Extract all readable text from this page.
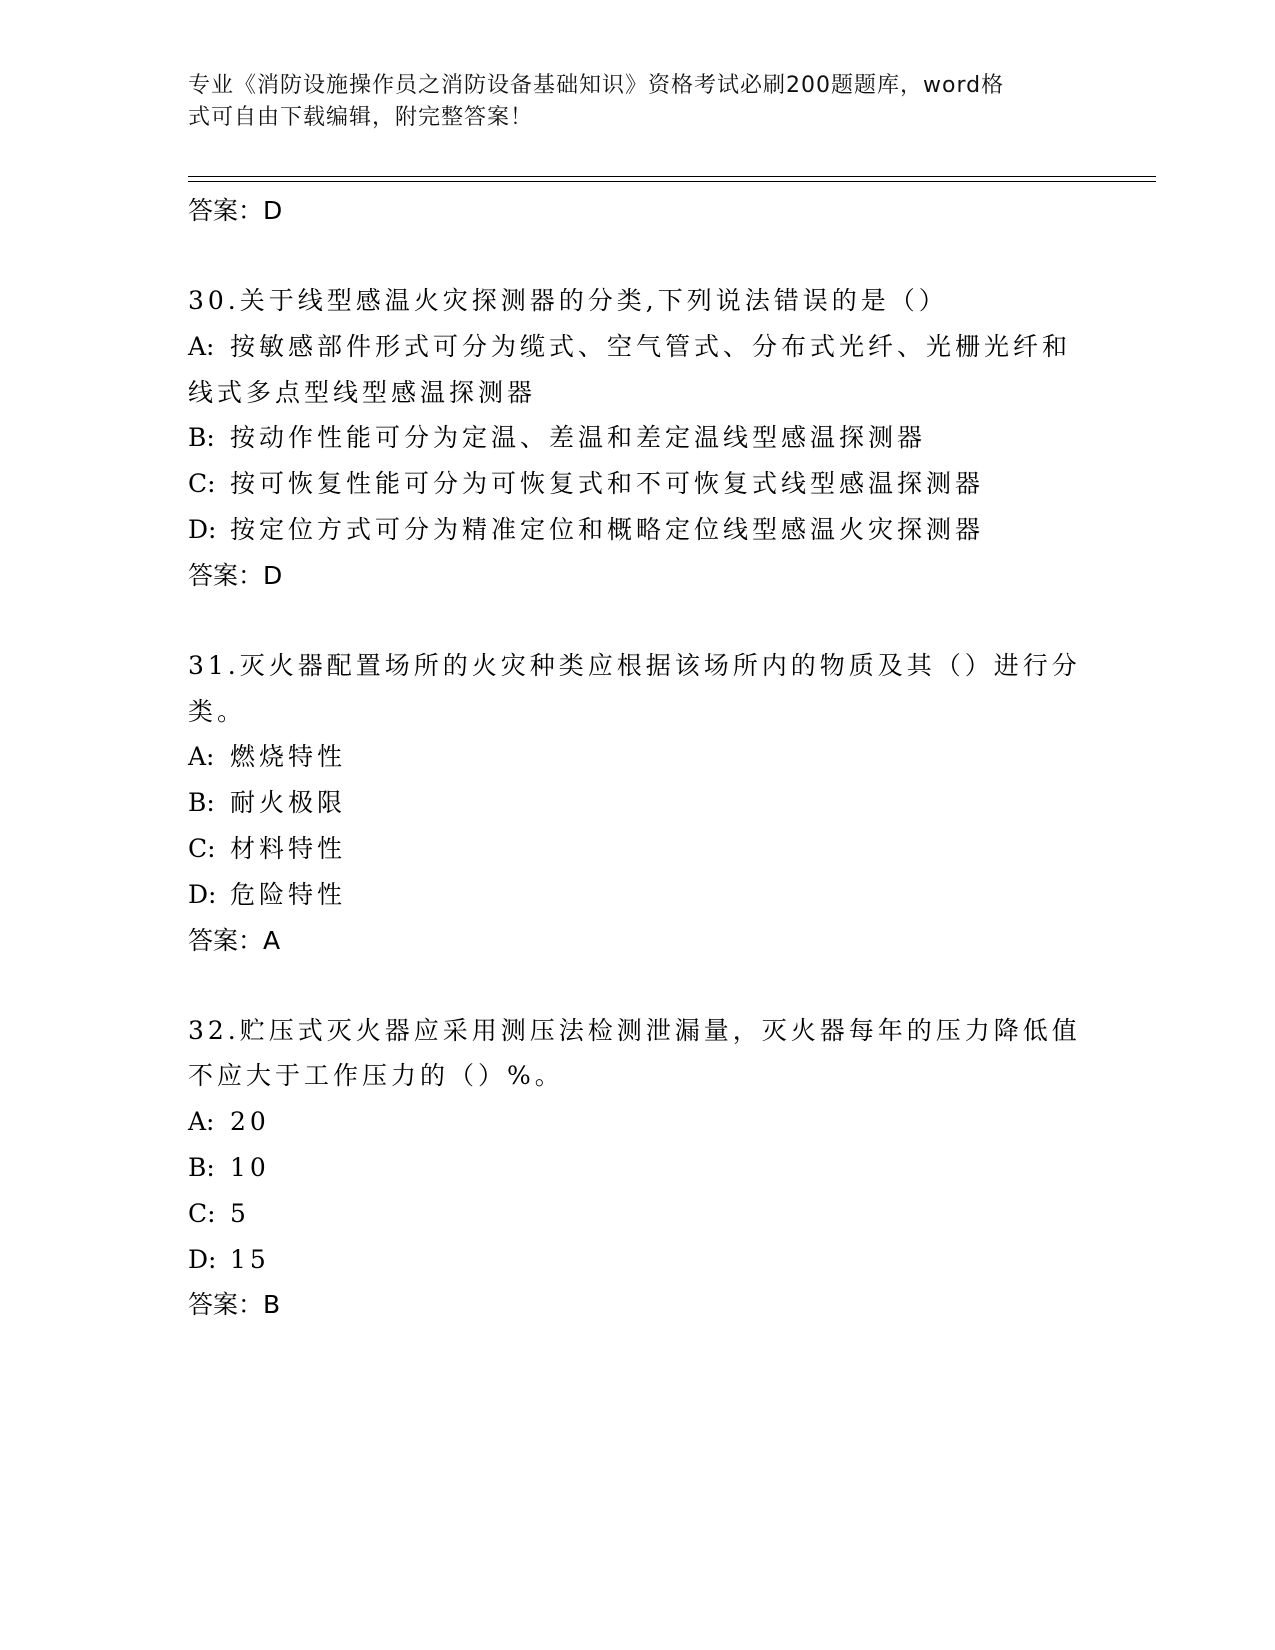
专业《消防设施操作员之消防设备基础知识》资格考试必刷200题题库，word格
式可自由下载编辑，附完整答案！
答案：D
30.关于线型感温火灾探测器的分类,下列说法错误的是（）
A: 按敏感部件形式可分为缆式、空气管式、分布式光纤、光栅光纤和
线式多点型线型感温探测器
B: 按动作性能可分为定温、差温和差定温线型感温探测器
C: 按可恢复性能可分为可恢复式和不可恢复式线型感温探测器
D: 按定位方式可分为精准定位和概略定位线型感温火灾探测器
答案：D
31.灭火器配置场所的火灾种类应根据该场所内的物质及其（）进行分
类。
A: 燃烧特性
B: 耐火极限
C: 材料特性
D: 危险特性
答案：A
32.贮压式灭火器应采用测压法检测泄漏量，灭火器每年的压力降低值
不应大于工作压力的（）%。
A: 20
B: 10
C: 5
D: 15
答案：B
